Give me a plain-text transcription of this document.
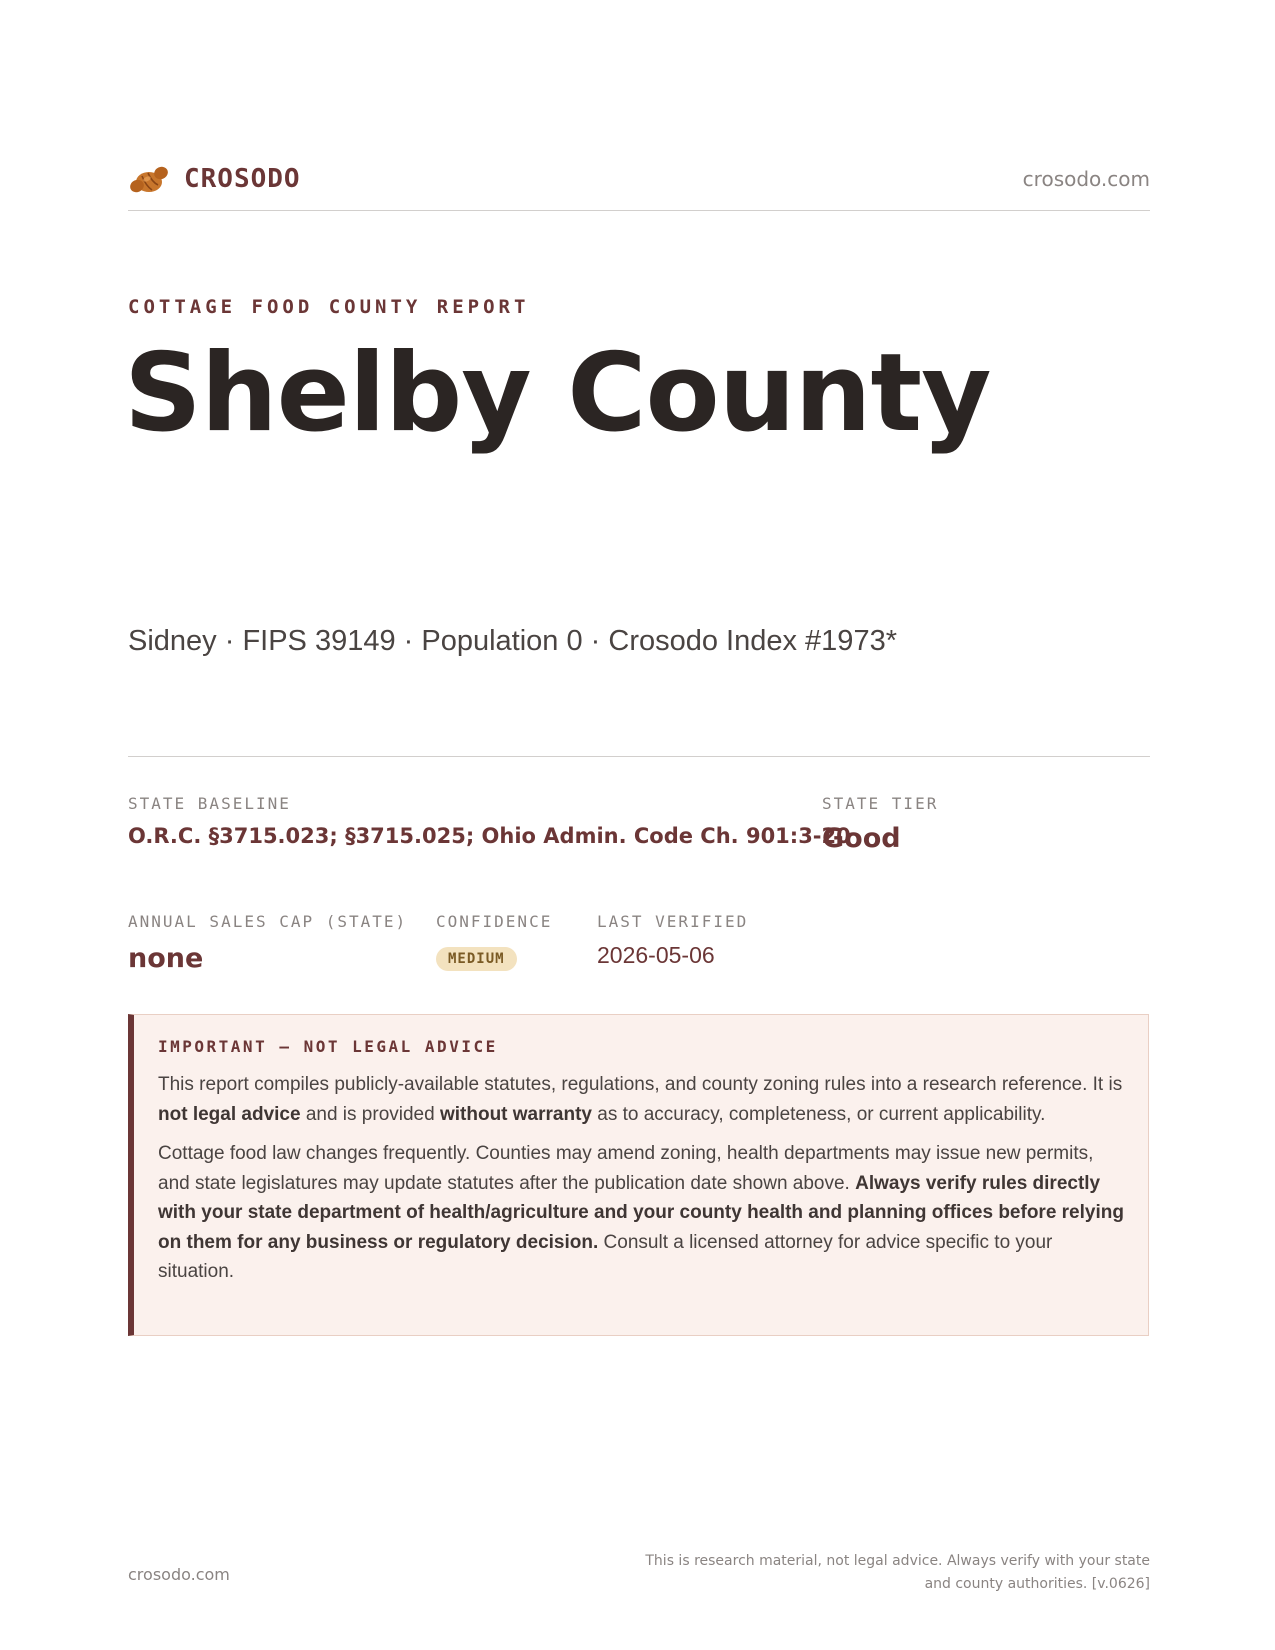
CROSODO	crosodo.com
COTTAGE FOOD COUNTY REPORT
Shelby County
Sidney · FIPS 39149 · Population 0 · Crosodo Index #1973*
STATE BASELINE
O.R.C. §3715.023; §3715.025; Ohio Admin. Code Ch. 901:3-20
STATE TIER
Good
ANNUAL SALES CAP (STATE)
none
CONFIDENCE
MEDIUM
LAST VERIFIED
2026-05-06
IMPORTANT — NOT LEGAL ADVICE

This report compiles publicly-available statutes, regulations, and county zoning rules into a research reference. It is not legal advice and is provided without warranty as to accuracy, completeness, or current applicability.

Cottage food law changes frequently. Counties may amend zoning, health departments may issue new permits, and state legislatures may update statutes after the publication date shown above. Always verify rules directly with your state department of health/agriculture and your county health and planning offices before relying on them for any business or regulatory decision. Consult a licensed attorney for advice specific to your situation.

crosodo.com
This is research material, not legal advice. Always verify with your state
and county authorities. [v.0626]
